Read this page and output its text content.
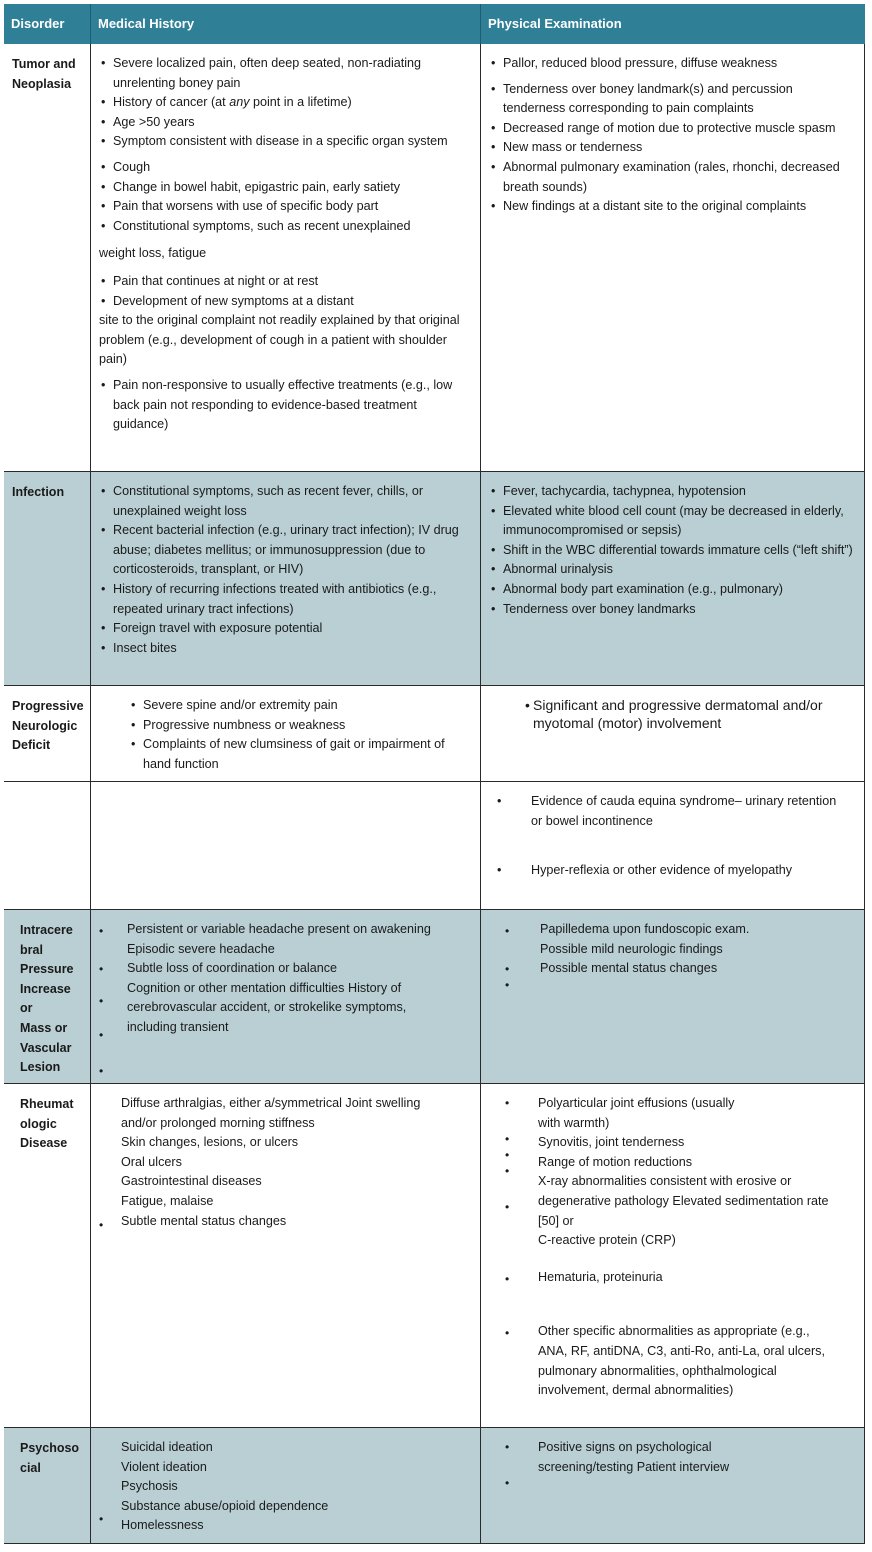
Disorder	Medical History	Physical Examination
Tumor and
Neoplasia
• Severe localized pain, often deep seated, non-radiating unrelenting boney pain
• History of cancer (at any point in a lifetime)
• Age >50 years
• Symptom consistent with disease in a specific organ system
• Cough
• Change in bowel habit, epigastric pain, early satiety
• Pain that worsens with use of specific body part
• Constitutional symptoms, such as recent unexplained
weight loss, fatigue
• Pain that continues at night or at rest
• Development of new symptoms at a distant
site to the original complaint not readily explained by that original problem (e.g., development of cough in a patient with shoulder pain)
• Pain non-responsive to usually effective treatments (e.g., low back pain not responding to evidence-based treatment guidance)
• Pallor, reduced blood pressure, diffuse weakness
• Tenderness over boney landmark(s) and percussion tenderness corresponding to pain complaints
• Decreased range of motion due to protective muscle spasm
• New mass or tenderness
• Abnormal pulmonary examination (rales, rhonchi, decreased breath sounds)
• New findings at a distant site to the original complaints
Infection
•	Constitutional symptoms, such as recent fever, chills, or unexplained weight loss
• Recent bacterial infection (e.g., urinary tract infection); IV drug abuse; diabetes mellitus; or immunosuppression (due to corticosteroids, transplant, or HIV)
• History of recurring infections treated with antibiotics (e.g., repeated urinary tract infections)
• Foreign travel with exposure potential
• Insect bites
• Fever, tachycardia, tachypnea, hypotension
• Elevated white blood cell count (may be decreased in elderly, immunocompromised or sepsis)
• Shift in the WBC differential towards immature cells (“left shift”)
• Abnormal urinalysis
• Abnormal body part examination (e.g., pulmonary)
• Tenderness over boney landmarks
Progressive
Neurologic
Deficit
• Severe spine and/or extremity pain
• Progressive numbness or weakness
• Complaints of new clumsiness of gait or impairment of hand function
• Significant and progressive dermatomal and/or myotomal (motor) involvement
• Evidence of cauda equina syndrome– urinary retention or bowel incontinence
• Hyper-reflexia or other evidence of myelopathy
Intracere
bral
Pressure
Increase
or
Mass or
Vascular
Lesion
•
•
•
•
•
Persistent or variable headache present on awakening
Episodic severe headache
Subtle loss of coordination or balance
Cognition or other mentation difficulties History of
cerebrovascular accident, or strokelike symptoms,
including transient
•
•
•
Papilledema upon fundoscopic exam.
Possible mild neurologic findings
Possible mental status changes
Rheumat
ologic
Disease
•
Diffuse arthralgias, either a/symmetrical Joint swelling
and/or prolonged morning stiffness
Skin changes, lesions, or ulcers
Oral ulcers
Gastrointestinal diseases
Fatigue, malaise
Subtle mental status changes
•
•
•
•
•
•
•
Polyarticular joint effusions (usually
with warmth)
Synovitis, joint tenderness
Range of motion reductions
X-ray abnormalities consistent with erosive or
degenerative pathology Elevated sedimentation rate
[50] or
C-reactive protein (CRP)
Hematuria, proteinuria
Other specific abnormalities as appropriate (e.g.,
ANA, RF, antiDNA, C3, anti-Ro, anti-La, oral ulcers,
pulmonary abnormalities, ophthalmological
involvement, dermal abnormalities)
Psychoso
cial
•
Suicidal ideation
Violent ideation
Psychosis
Substance abuse/opioid dependence
Homelessness
•
•
Positive signs on psychological
screening/testing Patient interview
